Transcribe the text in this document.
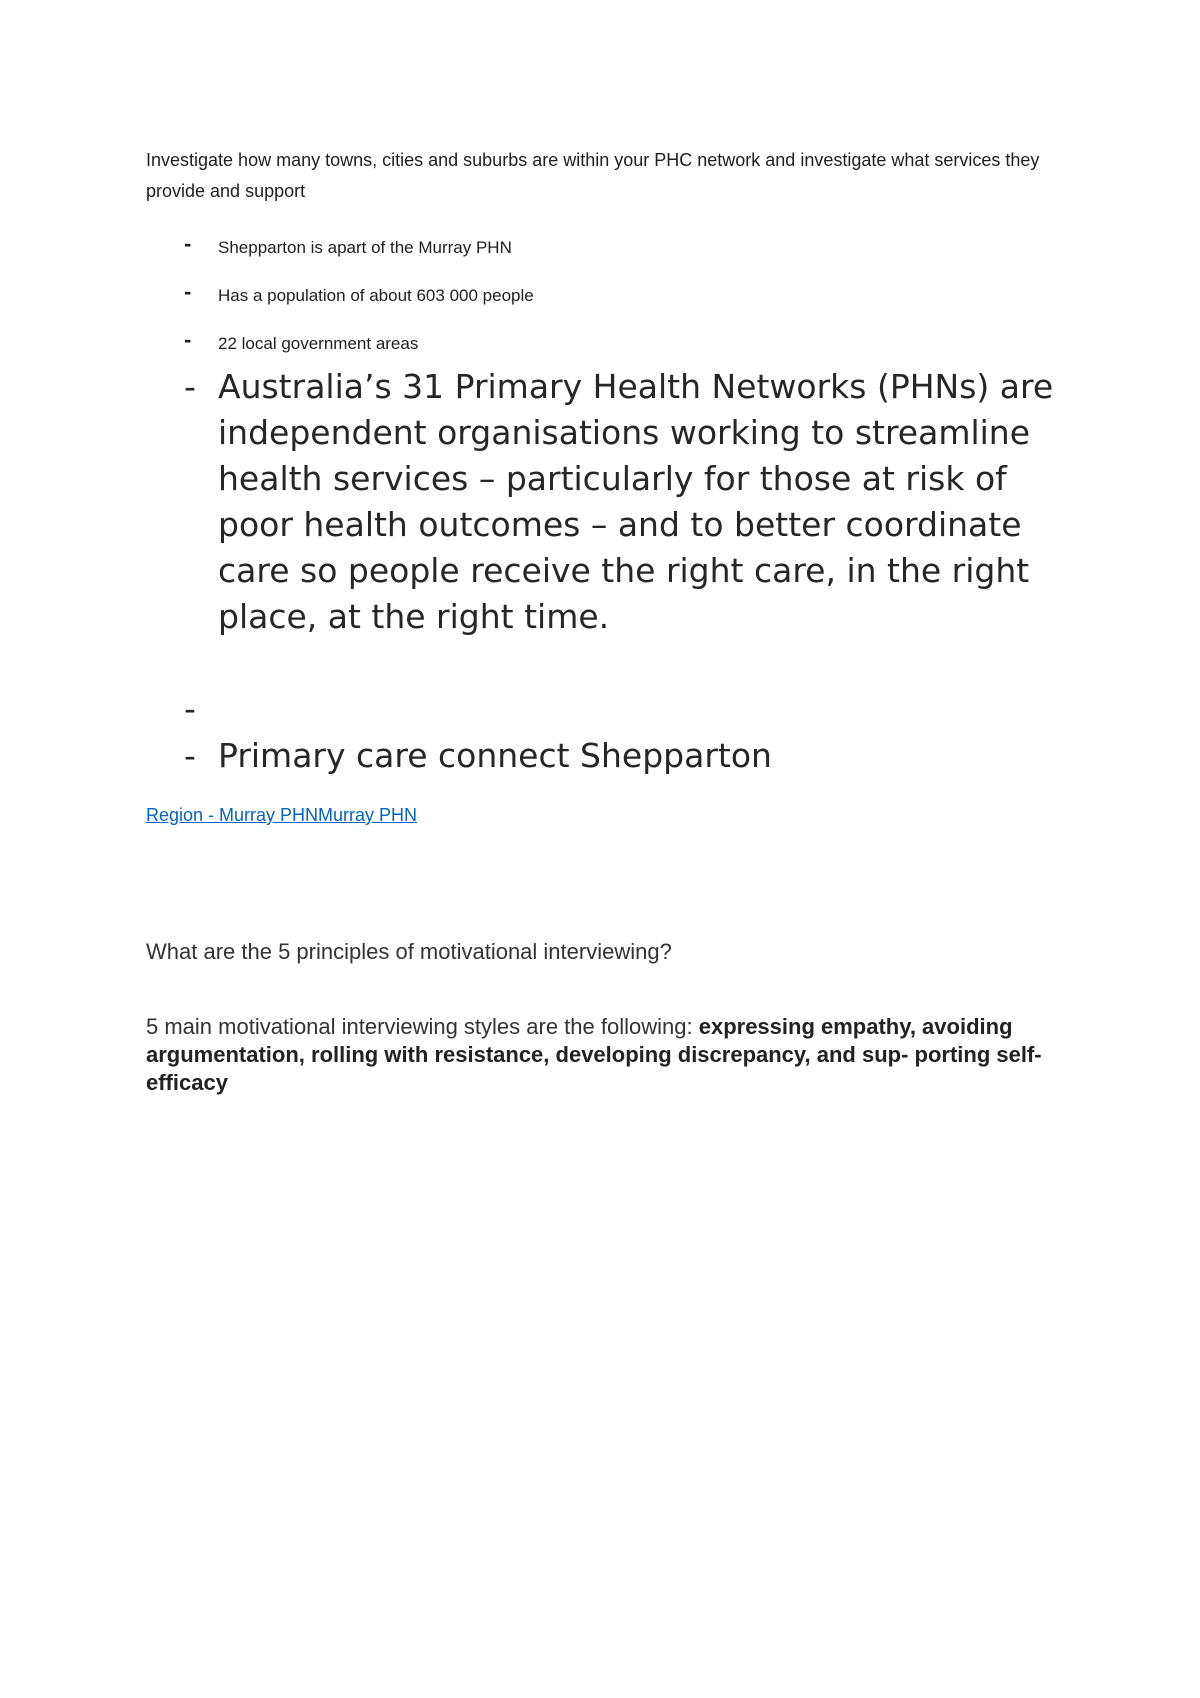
Investigate how many towns, cities and suburbs are within your PHC network and investigate what services they provide and support

- Shepparton is apart of the Murray PHN
- Has a population of about 603 000 people
- 22 local government areas
- Australia’s 31 Primary Health Networks (PHNs) are independent organisations working to streamline health services – particularly for those at risk of poor health outcomes – and to better coordinate care so people receive the right care, in the right place, at the right time.
-
- Primary care connect Shepparton
Region - Murray PHNMurray PHN

What are the 5 principles of motivational interviewing?

5 main motivational interviewing styles are the following: expressing empathy, avoiding argumentation, rolling with resistance, developing discrepancy, and sup- porting self-efficacy
